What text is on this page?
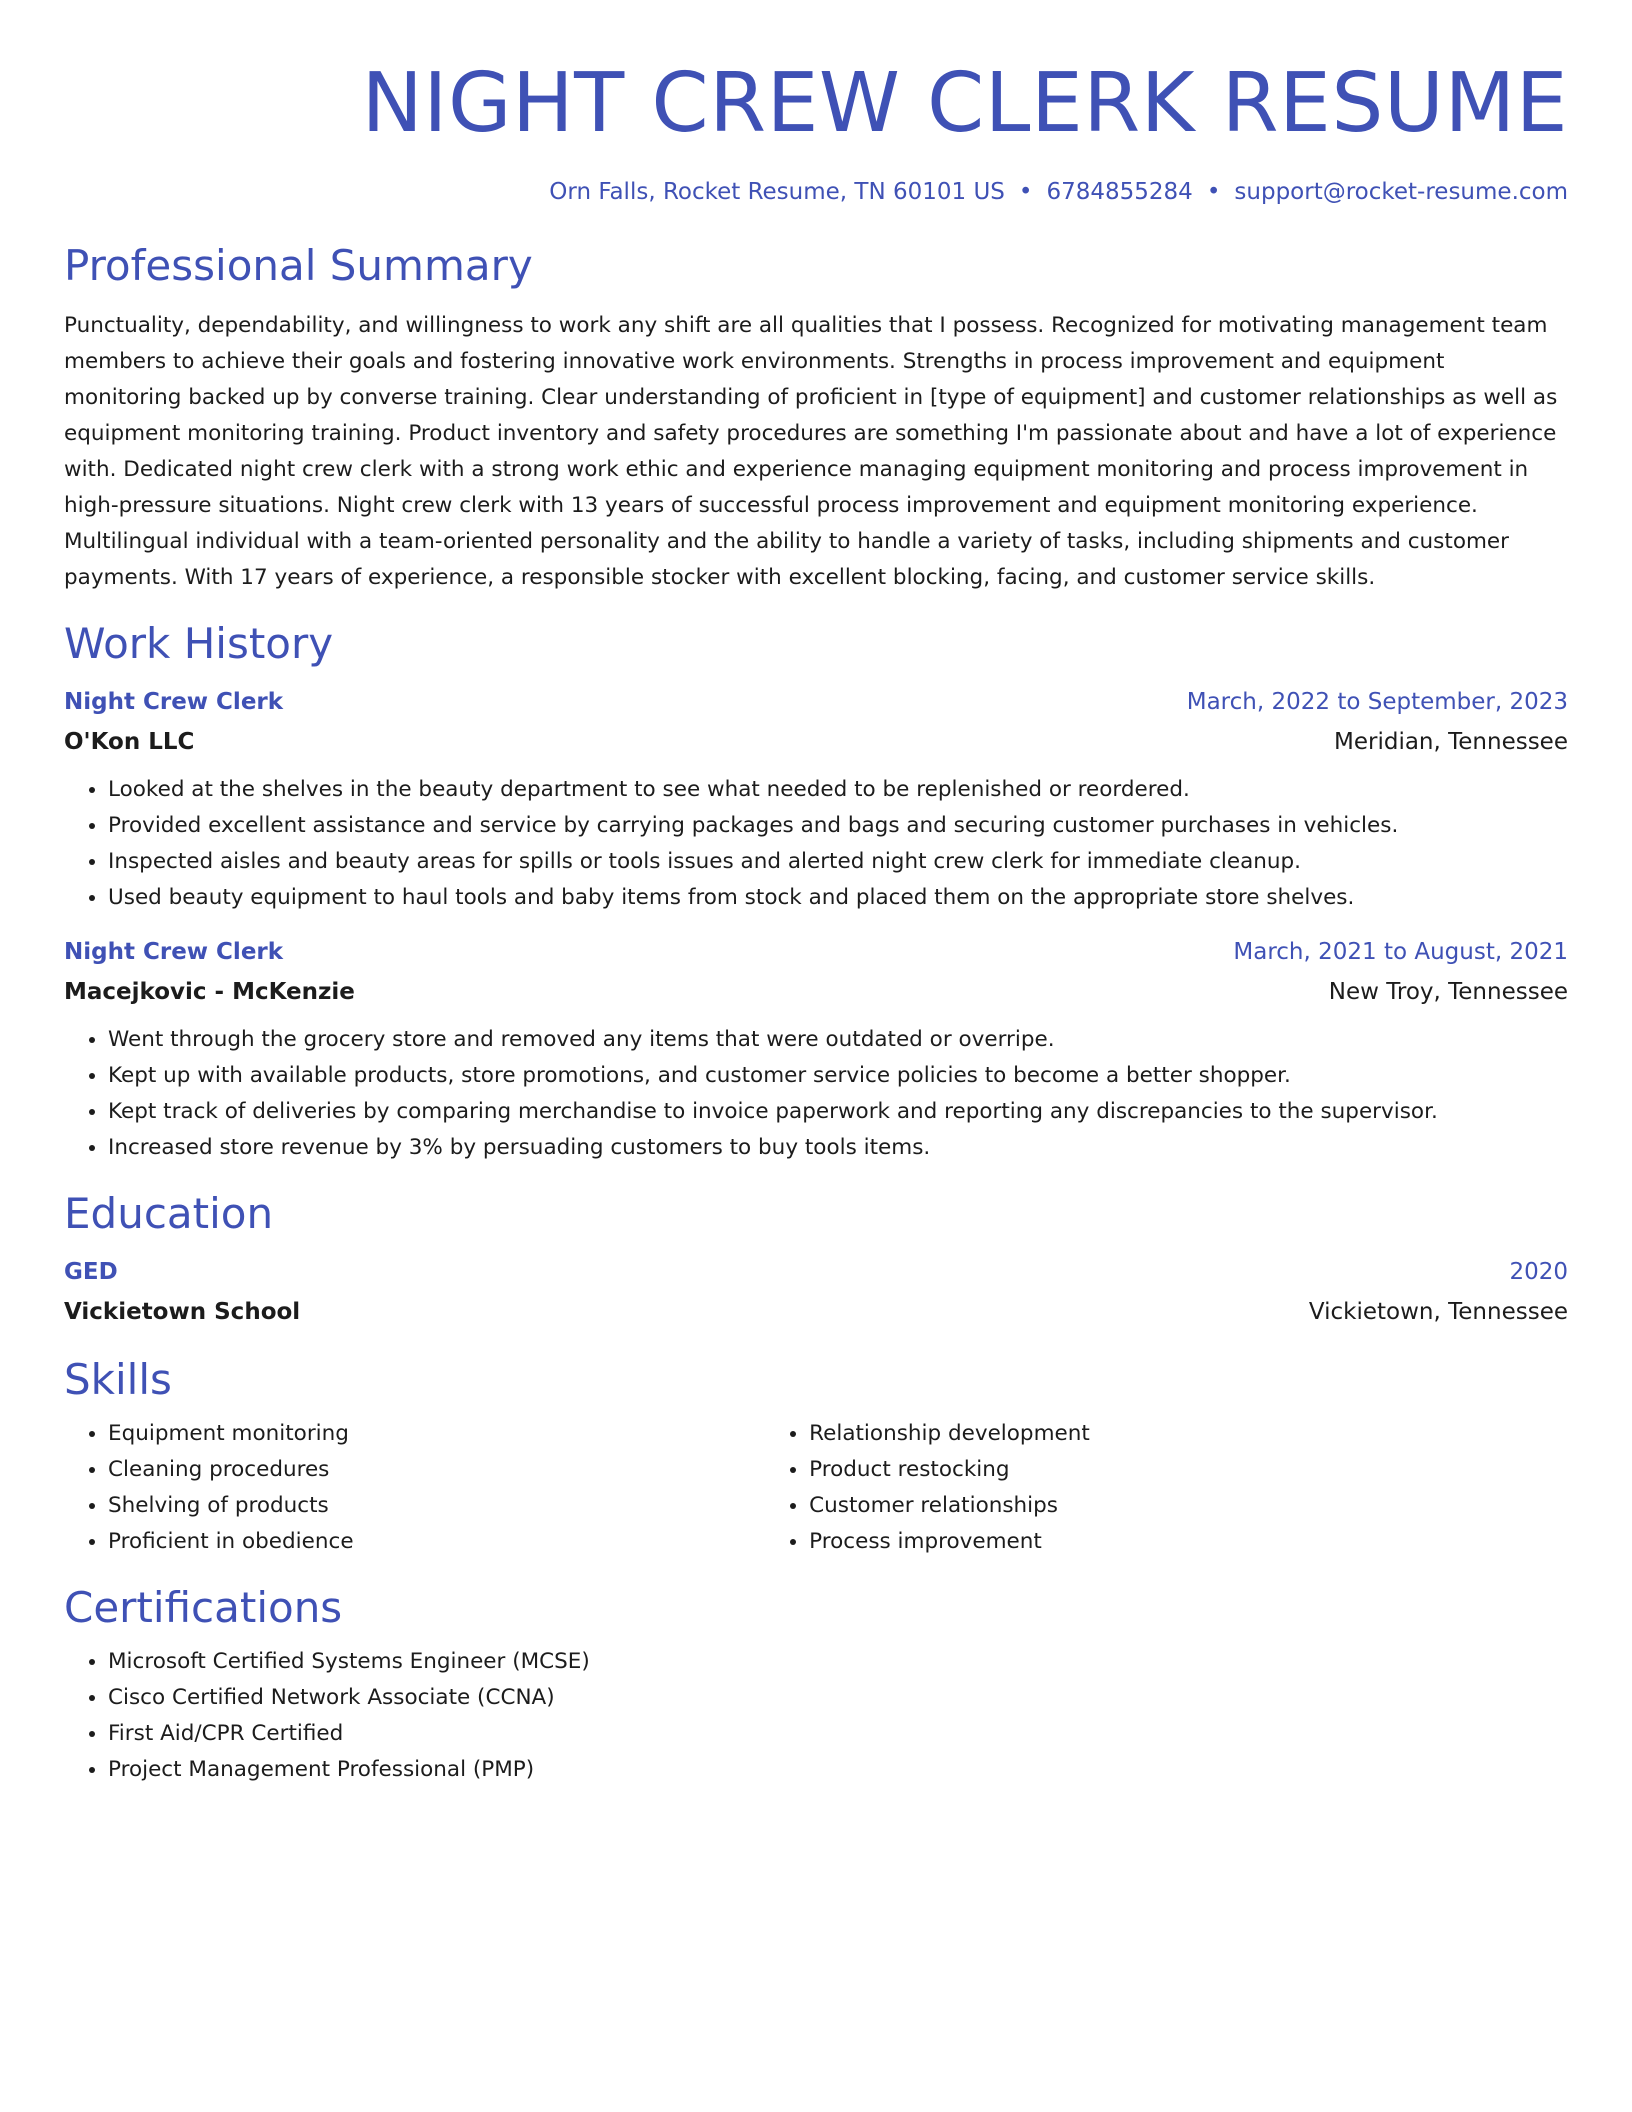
NIGHT CREW CLERK RESUME
Orn Falls, Rocket Resume, TN 60101 US • 6784855284 • support@rocket-resume.com
Professional Summary

Punctuality, dependability, and willingness to work any shift are all qualities that I possess. Recognized for motivating management team members to achieve their goals and fostering innovative work environments. Strengths in process improvement and equipment monitoring backed up by converse training. Clear understanding of proficient in [type of equipment] and customer relationships as well as equipment monitoring training. Product inventory and safety procedures are something I'm passionate about and have a lot of experience with. Dedicated night crew clerk with a strong work ethic and experience managing equipment monitoring and process improvement in high-pressure situations. Night crew clerk with 13 years of successful process improvement and equipment monitoring experience. Multilingual individual with a team-oriented personality and the ability to handle a variety of tasks, including shipments and customer payments. With 17 years of experience, a responsible stocker with excellent blocking, facing, and customer service skills.

Work History
Night Crew Clerk	March, 2022 to September, 2023
O'Kon LLC	Meridian, Tennessee
• Looked at the shelves in the beauty department to see what needed to be replenished or reordered.
• Provided excellent assistance and service by carrying packages and bags and securing customer purchases in vehicles.
• Inspected aisles and beauty areas for spills or tools issues and alerted night crew clerk for immediate cleanup.
• Used beauty equipment to haul tools and baby items from stock and placed them on the appropriate store shelves.
Night Crew Clerk	March, 2021 to August, 2021
Macejkovic - McKenzie	New Troy, Tennessee
• Went through the grocery store and removed any items that were outdated or overripe.
• Kept up with available products, store promotions, and customer service policies to become a better shopper.
• Kept track of deliveries by comparing merchandise to invoice paperwork and reporting any discrepancies to the supervisor.
• Increased store revenue by 3% by persuading customers to buy tools items.
Education
GED	2020
Vickietown School	Vickietown, Tennessee
Skills
• Equipment monitoring
• Cleaning procedures
• Shelving of products
• Proficient in obedience
• Relationship development
• Product restocking
• Customer relationships
• Process improvement
Certifications
• Microsoft Certified Systems Engineer (MCSE)
• Cisco Certified Network Associate (CCNA)
• First Aid/CPR Certified
• Project Management Professional (PMP)
